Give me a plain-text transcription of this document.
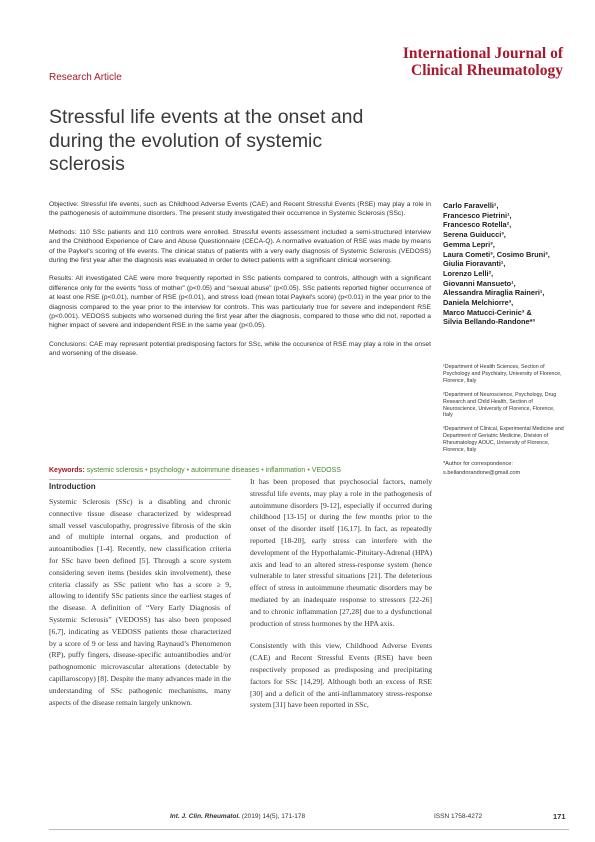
International Journal of
Clinical Rheumatology
Research Article
Stressful life events at the onset and during the evolution of systemic sclerosis

Objective: Stressful life events, such as Childhood Adverse Events (CAE) and Recent Stressful Events (RSE) may play a role in the pathogenesis of autoimmune disorders. The present study investigated their occurrence in Systemic Sclerosis (SSc).

Methods: 110 SSc patients and 110 controls were enrolled. Stressful events assessment included a semi-structured interview and the Childhood Experience of Care and Abuse Questionnaire (CECA-Q). A normative evaluation of RSE was made by means of the Paykel's scoring of life events. The clinical status of patients with a very early diagnosis of Systemic Sclerosis (VEDOSS) during the first year after the diagnosis was evaluated in order to detect patients with a significant clinical worsening.

Results: All investigated CAE were more frequently reported in SSc patients compared to controls, although with a significant difference only for the events “loss of mother” (p<0.05) and “sexual abuse” (p<0.05). SSc patients reported higher occurrence of at least one RSE (p<0.01), number of RSE (p<0.01), and stress load (mean total Paykel's score) (p<0.01) in the year prior to the diagnosis compared to the year prior to the interview for controls. This was particularly true for severe and independent RSE (p<0.001). VEDOSS subjects who worsened during the first year after the diagnosis, compared to those who did not, reported a higher impact of severe and independent RSE in the same year (p<0.05).

Conclusions: CAE may represent potential predisposing factors for SSc, while the occurence of RSE may play a role in the onset and worsening of the disease.

Carlo Faravelli¹,
Francesco Pietrini¹,
Francesco Rotella²,
Serena Guiducci³,
Gemma Lepri³,
Laura Cometi³, Cosimo Bruni³,
Giulia Fioravanti¹,
Lorenzo Lelli²,
Giovanni Mansueto¹,
Alessandra Miraglia Raineri¹,
Daniela Melchiorre³,
Marco Matucci-Cerinic³ &
Silvia Bellando-Randone*³

¹Department of Health Sciences, Section of Psychology and Psychiatry, University of Florence, Florence, Italy

²Department of Neuroscience, Psychology, Drug Research and Child Health, Section of Neuroscience, University of Florence, Florence, Italy

³Department of Clinical, Experimental Medicine and Department of Geriatric Medicine, Division of Rheumatology AOUC, University of Florence, Florence, Italy

*Author for correspondence:
s.bellandorandone@gmail.com
Keywords: systemic sclerosis • psychology • autoimmune diseases • inflammation • VEDOSS
Introduction

Systemic Sclerosis (SSc) is a disabling and chronic connective tissue disease characterized by widespread small vessel vasculopathy, progressive fibrosis of the skin and of multiple internal organs, and production of autoantibodies [1-4]. Recently, new classification criteria for SSc have been defined [5]. Through a score system considering seven items (besides skin involvement), these criteria classify as SSc patient who has a score ≥ 9, allowing to identify SSc patients since the earliest stages of the disease. A definition of “Very Early Diagnosis of Systemic Sclerosis” (VEDOSS) has also been proposed [6,7], indicating as VEDOSS patients those characterized by a score of 9 or less and having Raynaud’s Phenomenon (RP), puffy fingers, disease-specific autoantibodies and/or pathognomonic microvascular alterations (detectable by capillaroscopy) [8]. Despite the many advances made in the understanding of SSc pathogenic mechanisms, many aspects of the disease remain largely unknown.

It has been proposed that psychosocial factors, namely stressful life events, may play a role in the pathogenesis of autoimmune disorders [9-12], especially if occurred during childhood [13-15] or during the few months prior to the onset of the disorder itself [16,17]. In fact, as repeatedly reported [18-20], early stress can interfere with the development of the Hypothalamic-Pituitary-Adrenal (HPA) axis and lead to an altered stress-response system (hence vulnerable to later stressful situations [21]. The deleterious effect of stress in autoimmune rheumatic disorders may be mediated by an inadequate response to stressors [22-26] and to chronic inflammation [27,28] due to a dysfunctional production of stress hormones by the HPA axis.

Consistently with this view, Childhood Adverse Events (CAE) and Recent Stressful Events (RSE) have been respectively proposed as predisposing and precipitating factors for SSc [14,29]. Although both an excess of RSE [30] and a deficit of the anti-inflammatory stress-response system [31] have been reported in SSc,

Int. J. Clin. Rheumatol. (2019) 14(5), 171-178	ISSN 1758-4272	171
